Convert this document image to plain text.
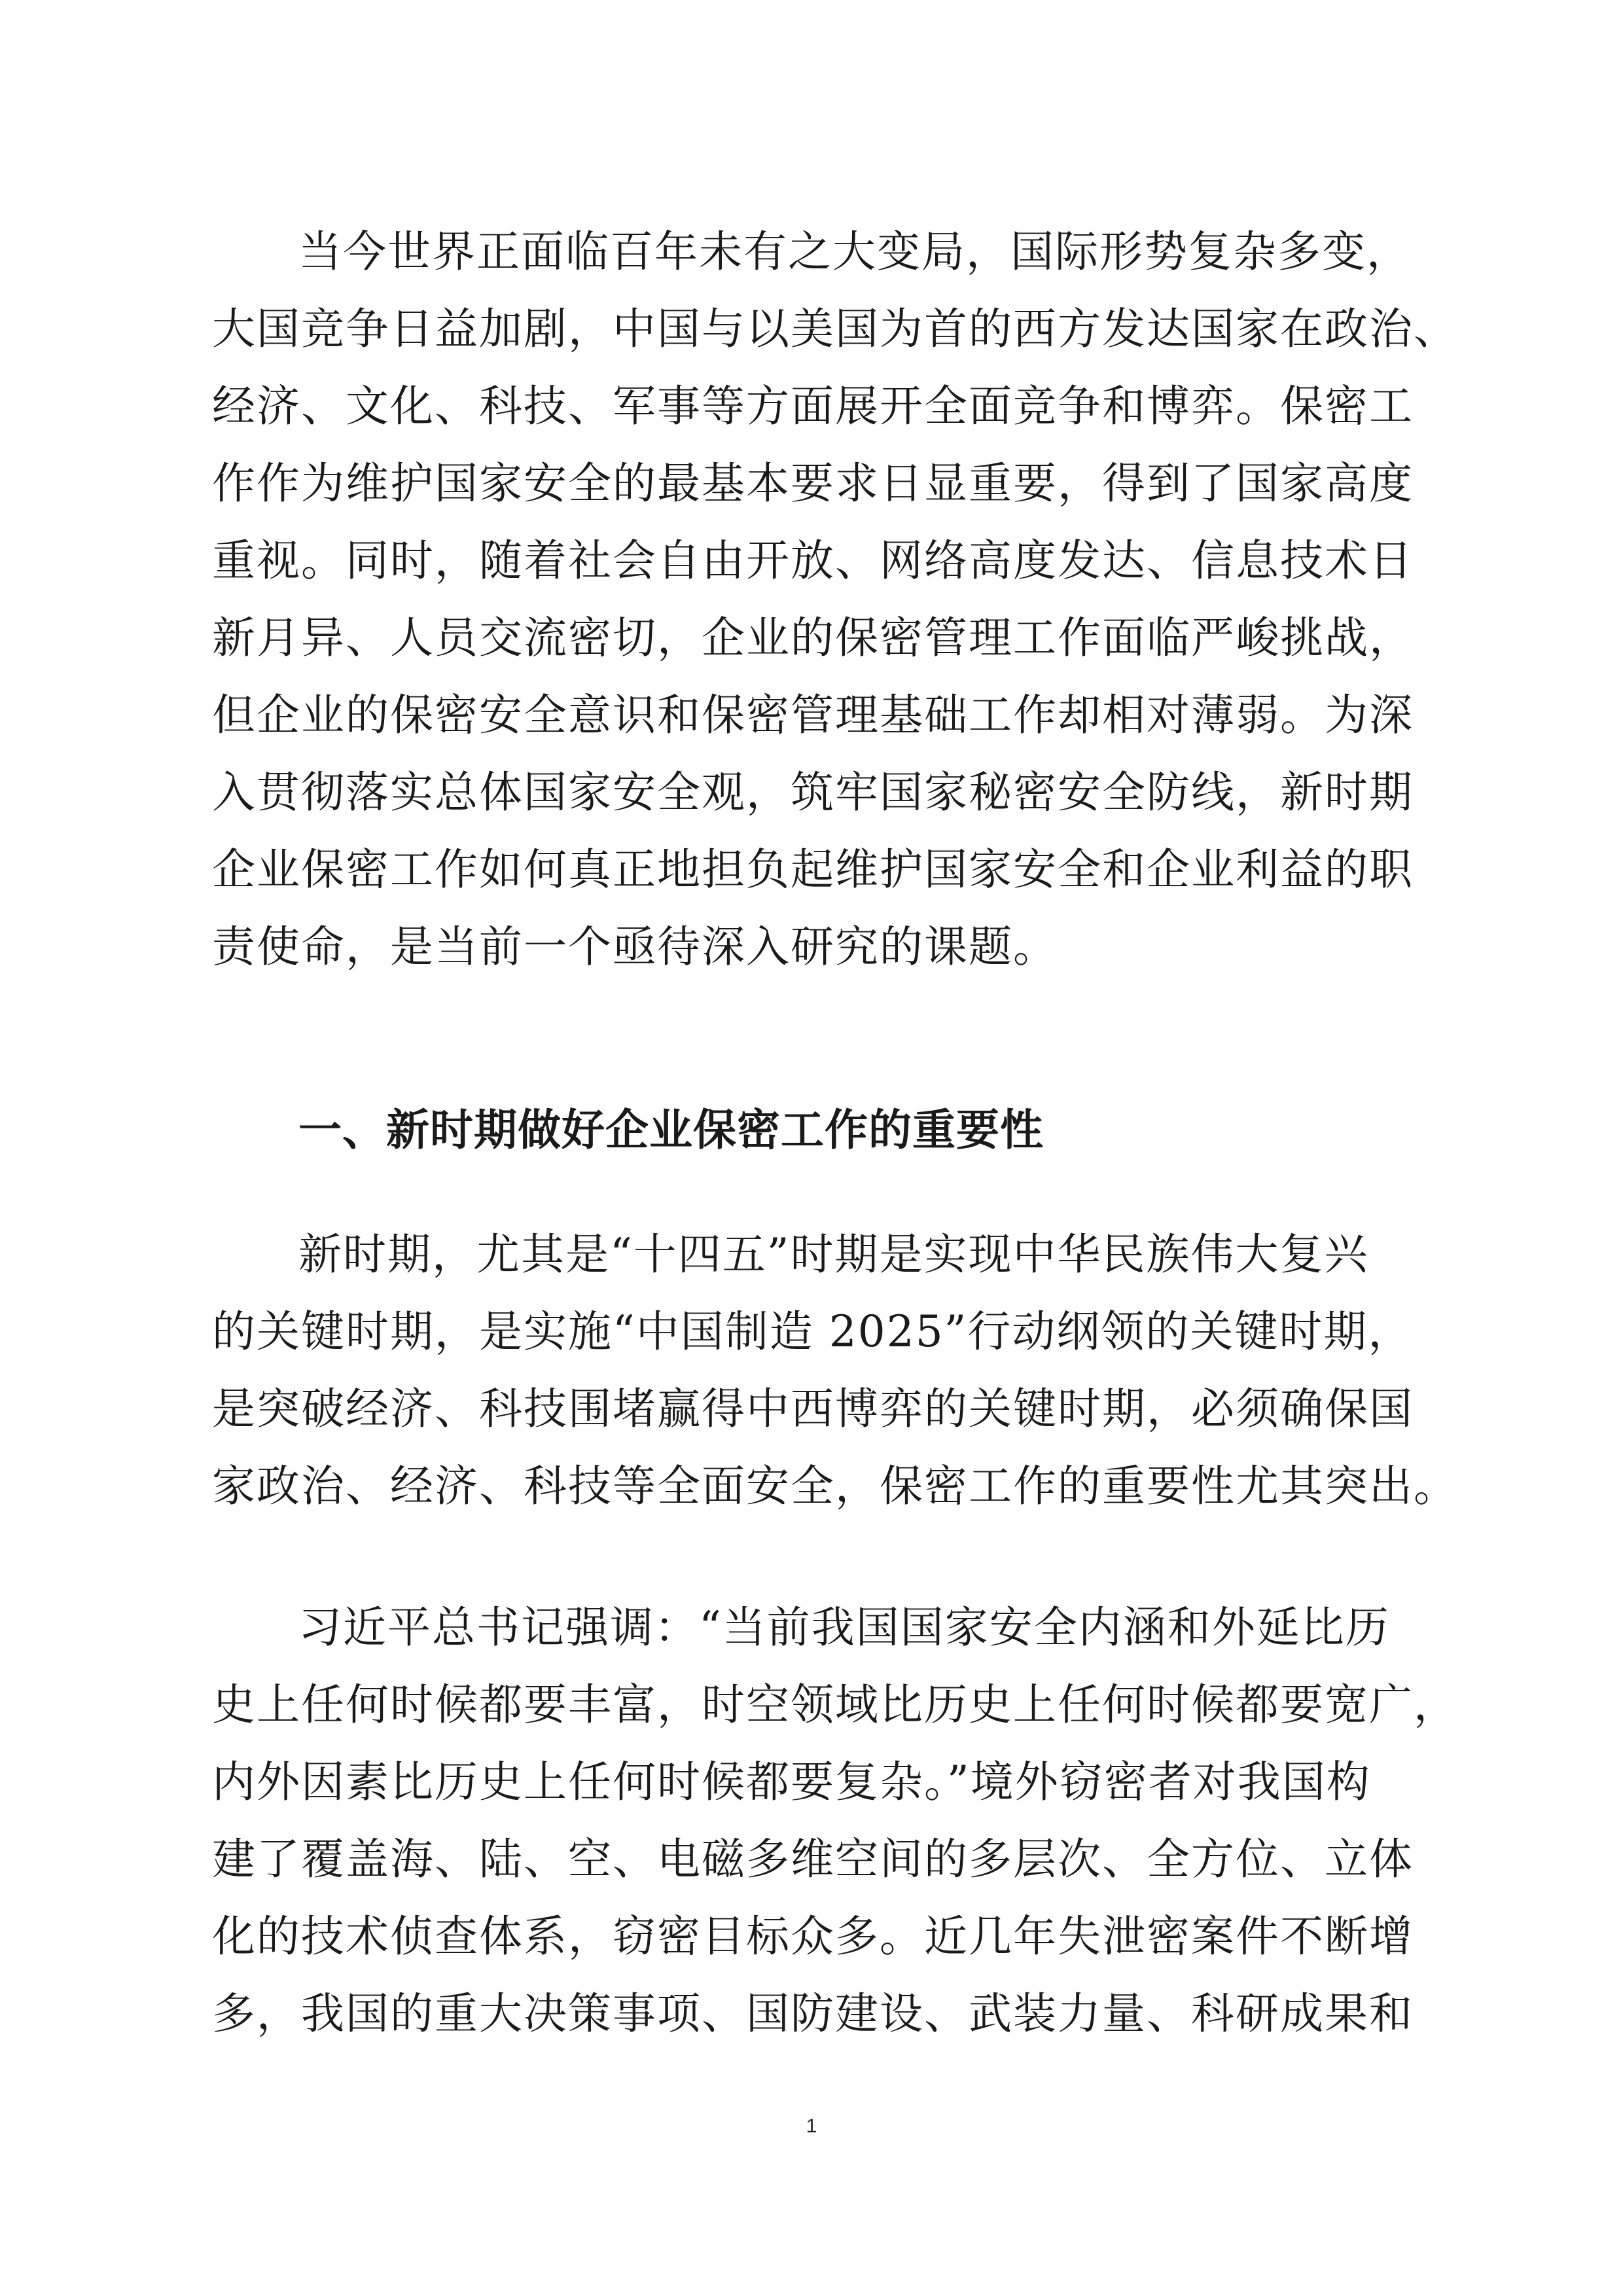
当今世界正面临百年未有之大变局，国际形势复杂多变，
大国竞争日益加剧，中国与以美国为首的西方发达国家在政治、
经济、文化、科技、军事等方面展开全面竞争和博弈。保密工
作作为维护国家安全的最基本要求日显重要，得到了国家高度
重视。同时，随着社会自由开放、网络高度发达、信息技术日
新月异、人员交流密切，企业的保密管理工作面临严峻挑战，
但企业的保密安全意识和保密管理基础工作却相对薄弱。为深
入贯彻落实总体国家安全观，筑牢国家秘密安全防线，新时期
企业保密工作如何真正地担负起维护国家安全和企业利益的职
责使命，是当前一个亟待深入研究的课题。
一、新时期做好企业保密工作的重要性
新时期，尤其是“十四五”时期是实现中华民族伟大复兴
的关键时期，是实施“中国制造 2025”行动纲领的关键时期，
是突破经济、科技围堵赢得中西博弈的关键时期，必须确保国
家政治、经济、科技等全面安全，保密工作的重要性尤其突出。
习近平总书记强调：“当前我国国家安全内涵和外延比历
史上任何时候都要丰富，时空领域比历史上任何时候都要宽广，
内外因素比历史上任何时候都要复杂。”境外窃密者对我国构
建了覆盖海、陆、空、电磁多维空间的多层次、全方位、立体
化的技术侦查体系，窃密目标众多。近几年失泄密案件不断增
多，我国的重大决策事项、国防建设、武装力量、科研成果和
1
